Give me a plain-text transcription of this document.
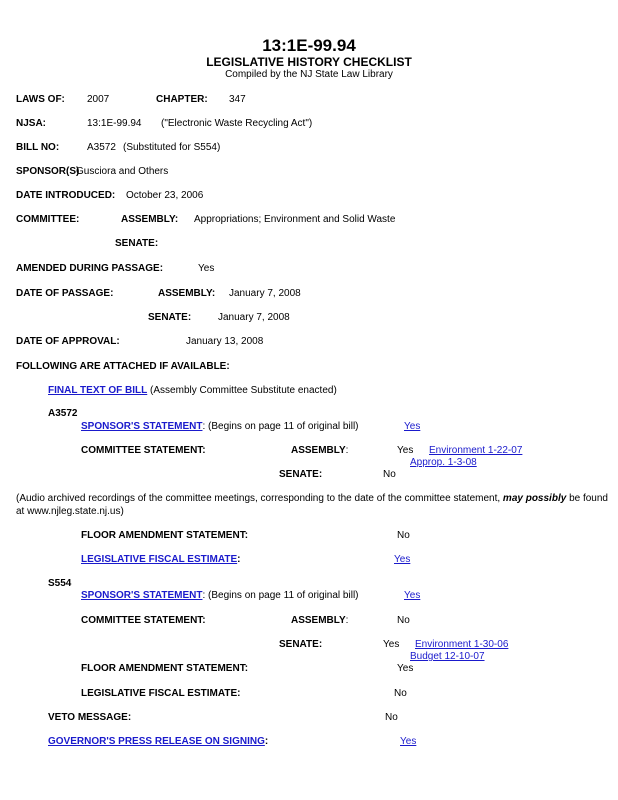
13:1E-99.94
LEGISLATIVE HISTORY CHECKLIST
Compiled by the NJ State Law Library
LAWS OF: 2007	CHAPTER: 347
NJSA:	13:1E-99.94 ("Electronic Waste Recycling Act")
BILL NO:	A3572 (Substituted for S554)
SPONSOR(S)
Gusciora and Others
DATE INTRODUCED: October 23, 2006
COMMITTEE:	ASSEMBLY: Appropriations; Environment and Solid Waste
SENATE:
AMENDED DURING PASSAGE:	Yes
DATE OF PASSAGE:	ASSEMBLY: January 7, 2008
SENATE:	January 7, 2008
DATE OF APPROVAL:	January 13, 2008
FOLLOWING ARE ATTACHED IF AVAILABLE:
FINAL TEXT OF BILL (Assembly Committee Substitute enacted)
A3572
SPONSOR'S STATEMENT: (Begins on page 11 of original bill)	Yes
COMMITTEE STATEMENT:	ASSEMBLY:	Yes Environment 1-22-07
Approp. 1-3-08
SENATE:	No
(Audio archived recordings of the committee meetings, corresponding to the date of the committee statement, may possibly be found
at www.njleg.state.nj.us)
FLOOR AMENDMENT STATEMENT:	No
LEGISLATIVE FISCAL ESTIMATE:	Yes
S554
SPONSOR'S STATEMENT: (Begins on page 11 of original bill)	Yes
COMMITTEE STATEMENT:	ASSEMBLY:	No
SENATE:	Yes Environment 1-30-06
Budget 12-10-07
FLOOR AMENDMENT STATEMENT:	Yes
LEGISLATIVE FISCAL ESTIMATE:	No
VETO MESSAGE:	No
GOVERNOR'S PRESS RELEASE ON SIGNING:	Yes
